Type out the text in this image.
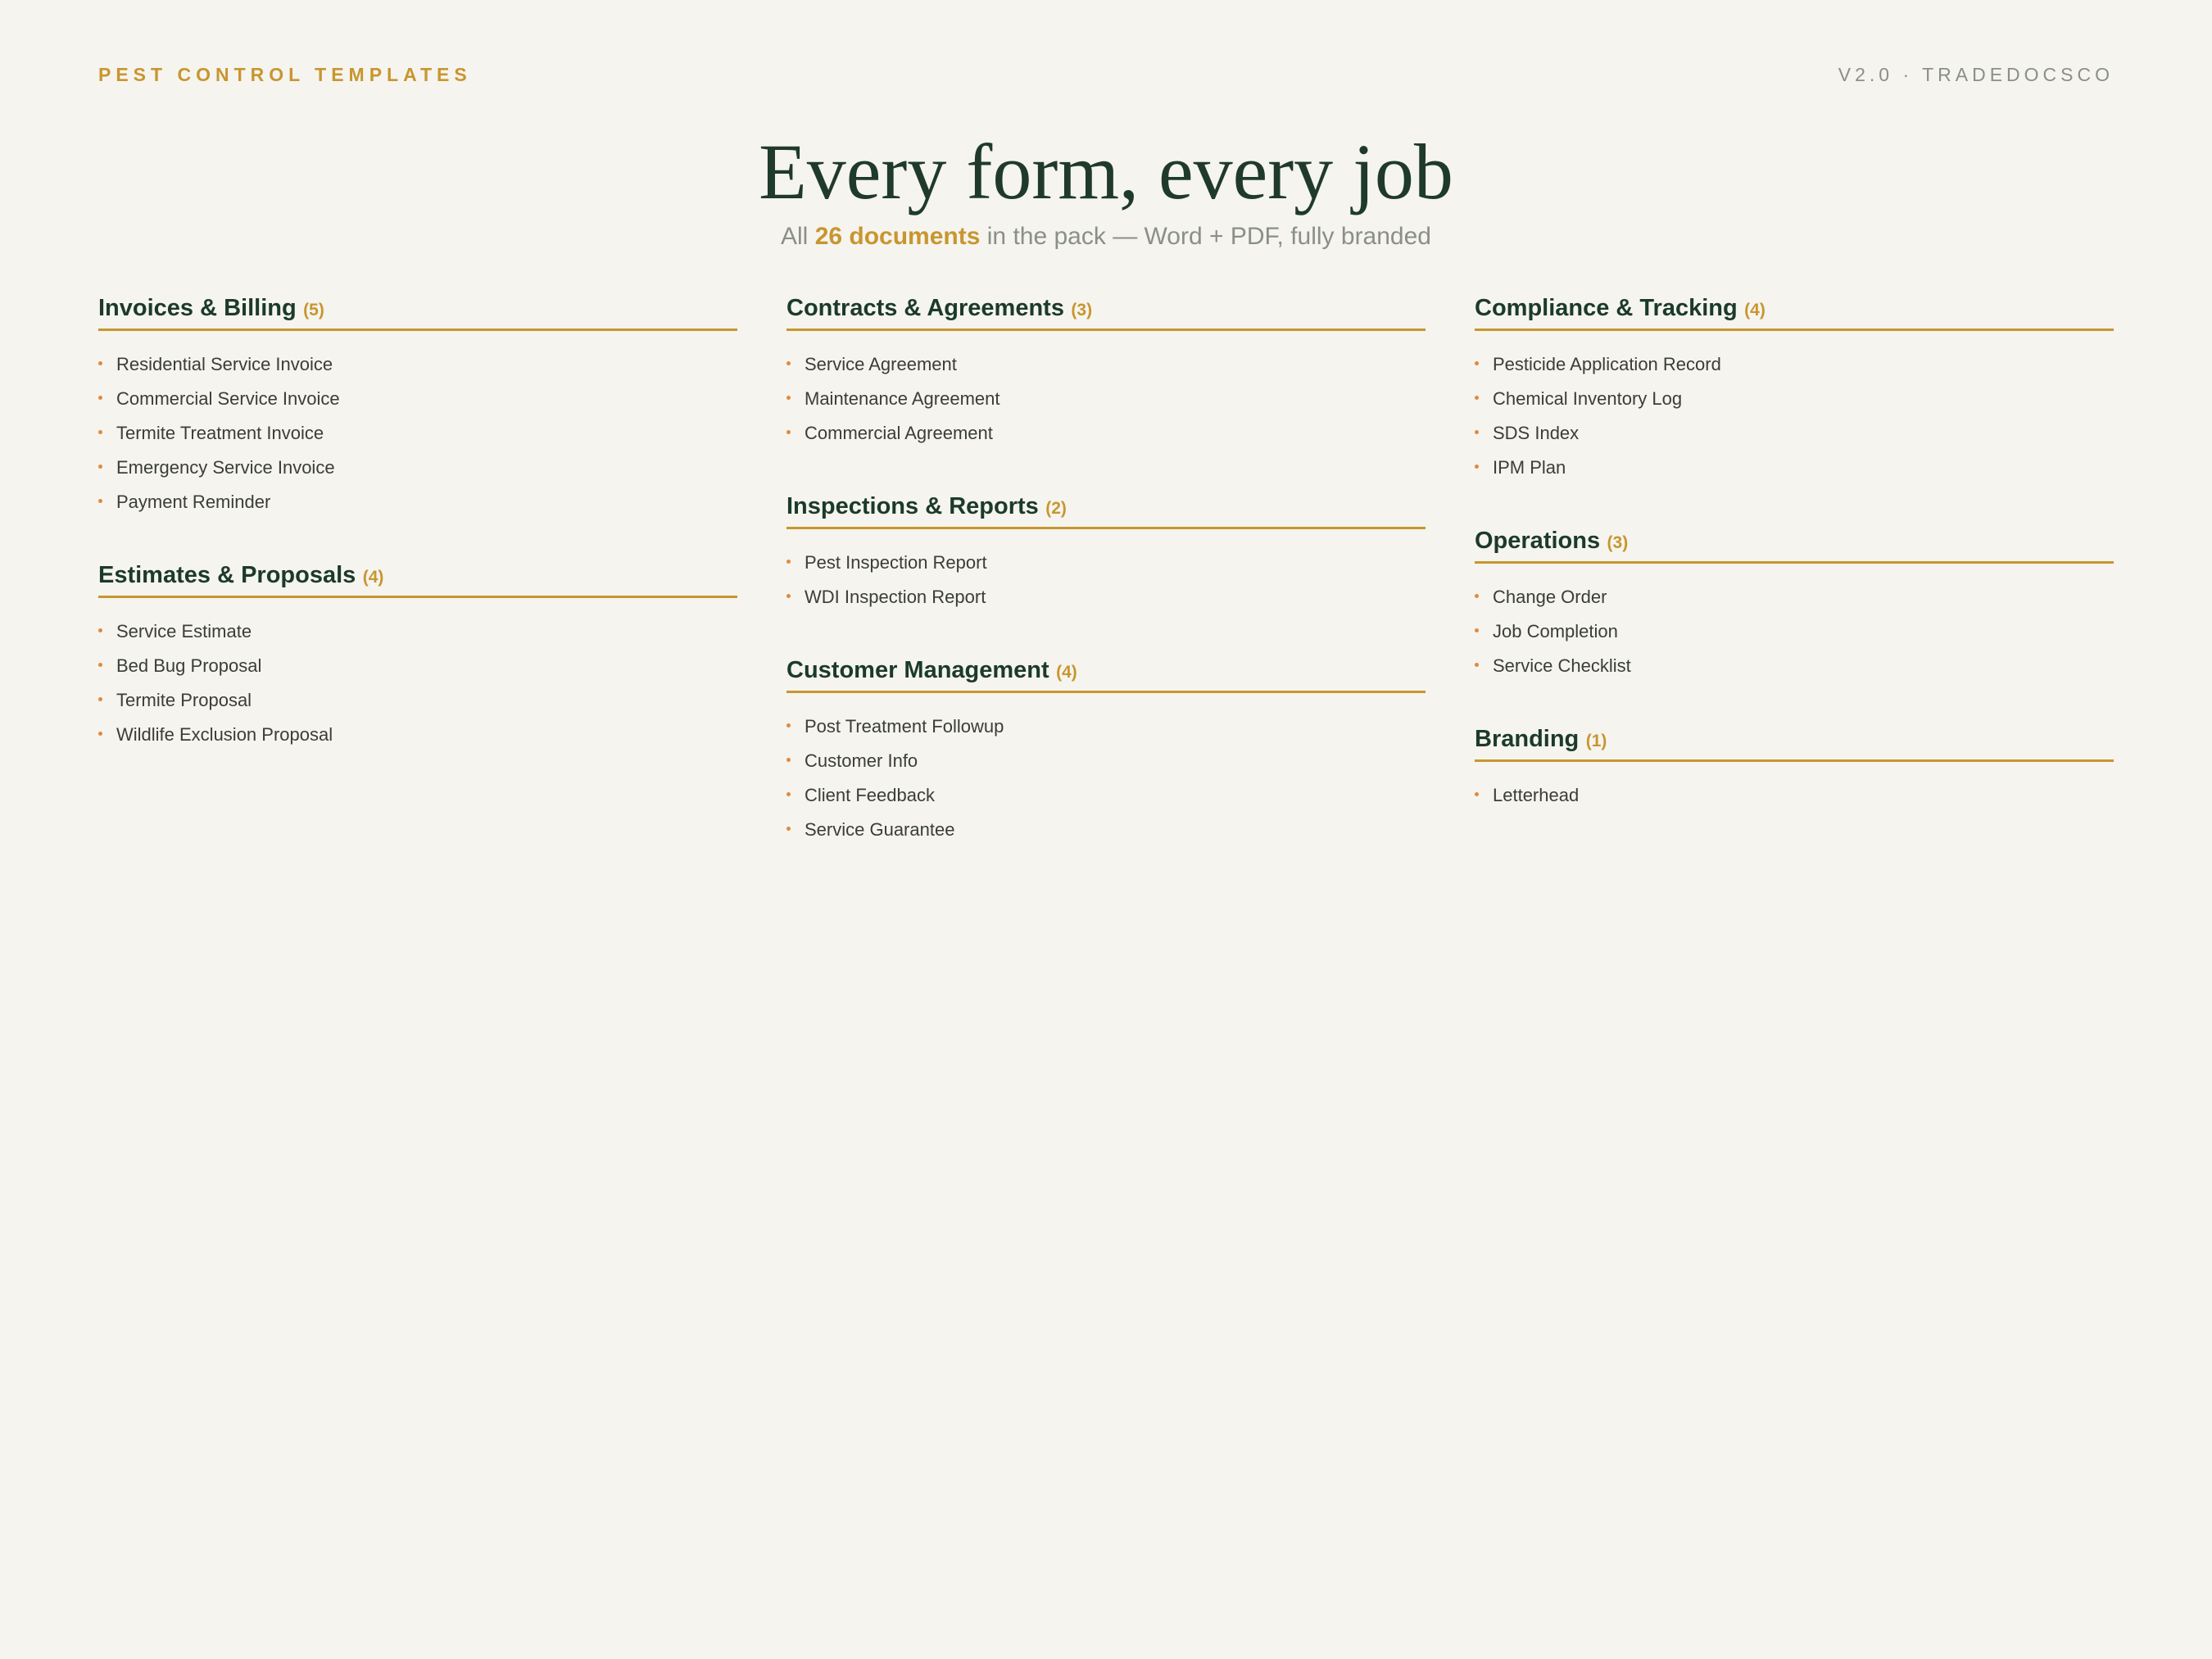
PEST CONTROL TEMPLATES	V2.0 · TRADEDOCSCO
Every form, every job
All 26 documents in the pack — Word + PDF, fully branded
Invoices & Billing (5)
Residential Service Invoice
Commercial Service Invoice
Termite Treatment Invoice
Emergency Service Invoice
Payment Reminder
Estimates & Proposals (4)
Service Estimate
Bed Bug Proposal
Termite Proposal
Wildlife Exclusion Proposal
Contracts & Agreements (3)
Service Agreement
Maintenance Agreement
Commercial Agreement
Inspections & Reports (2)
Pest Inspection Report
WDI Inspection Report
Customer Management (4)
Post Treatment Followup
Customer Info
Client Feedback
Service Guarantee
Compliance & Tracking (4)
Pesticide Application Record
Chemical Inventory Log
SDS Index
IPM Plan
Operations (3)
Change Order
Job Completion
Service Checklist
Branding (1)
Letterhead
